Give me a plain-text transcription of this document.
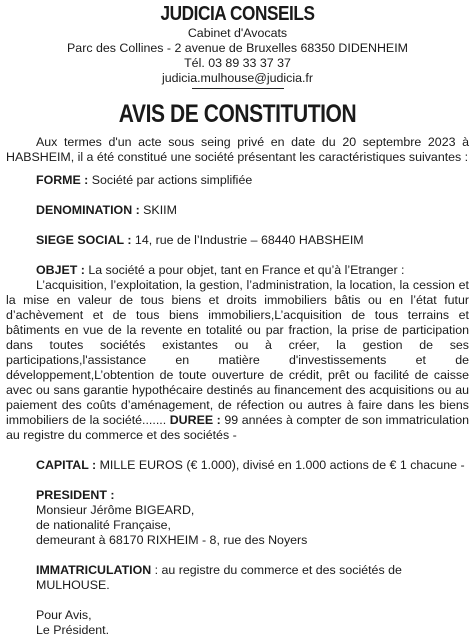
JUDICIA CONSEILS
Cabinet d'Avocats
Parc des Collines - 2 avenue de Bruxelles 68350 DIDENHEIM
Tél. 03 89 33 37 37
judicia.mulhouse@judicia.fr
AVIS DE CONSTITUTION
Aux termes d'un acte sous seing privé en date du 20 septembre 2023 à HABSHEIM, il a été constitué une société présentant les caractéristiques suivantes :
FORME : Société par actions simplifiée
DENOMINATION : SKIIM
SIEGE SOCIAL : 14, rue de l’Industrie – 68440 HABSHEIM
OBJET : La société a pour objet, tant en France et qu’à l’Etranger :
L’acquisition, l’exploitation, la gestion, l’administration, la location, la cession et la mise en valeur de tous biens et droits immobiliers bâtis ou en l’état futur d’achèvement et de tous biens immobiliers,L’acquisition de tous terrains et bâtiments en vue de la revente en totalité ou par fraction, la prise de participation dans toutes sociétés existantes ou à créer, la gestion de ses participations,l'assistance en matière d'investissements et de développement,L’obtention de toute ouverture de crédit, prêt ou facilité de caisse avec ou sans garantie hypothécaire destinés au financement des acquisitions ou au paiement des coûts d’aménagement, de réfection ou autres à faire dans les biens immobiliers de la société....... DUREE : 99 années à compter de son immatriculation au registre du commerce et des sociétés -
CAPITAL : MILLE EUROS (€ 1.000), divisé en 1.000 actions de € 1 chacune -
PRESIDENT :
Monsieur Jérôme BIGEARD,
de nationalité Française,
demeurant à 68170 RIXHEIM - 8, rue des Noyers
IMMATRICULATION : au registre du commerce et des sociétés de MULHOUSE.
Pour Avis,
Le Président.
